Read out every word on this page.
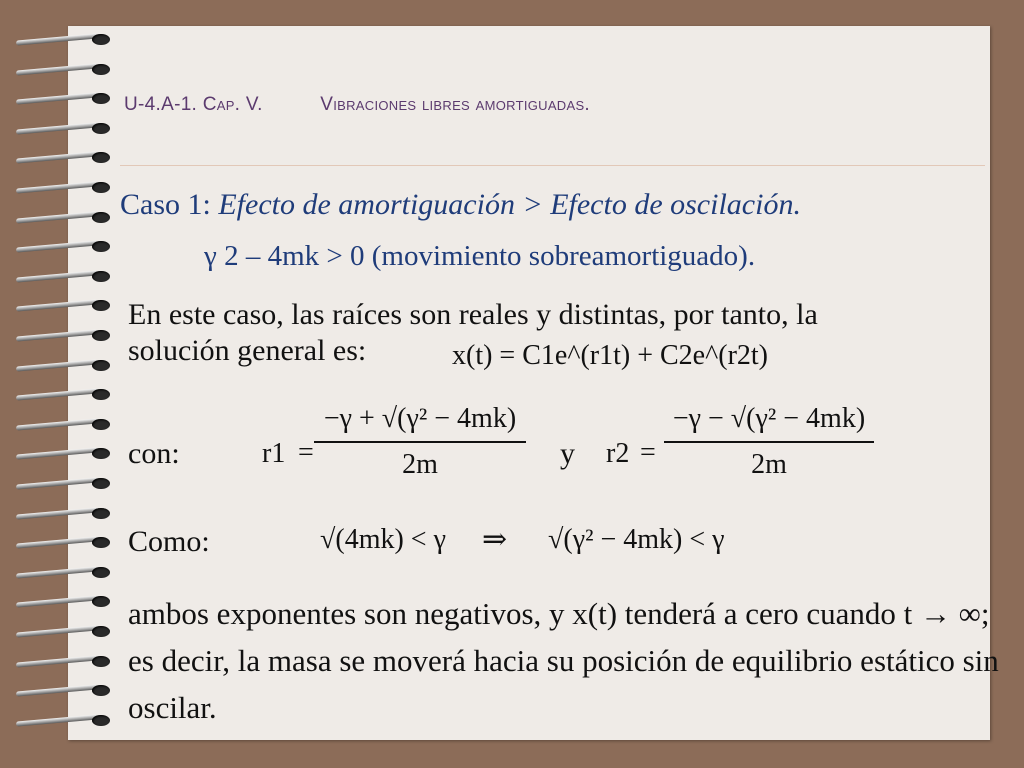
U-4.A-1. Cap. V.	Vibraciones libres amortiguadas.
Caso 1: Efecto de amortiguación > Efecto de oscilación.
γ 2 – 4mk > 0 (movimiento sobreamortiguado).
En este caso, las raíces son reales y distintas, por tanto, la
solución general es:	x(t) = C1e^(r1t) + C2e^(r2t)
con:	r1 =
−γ + √(γ² − 4mk)
2m	y r2 =
−γ − √(γ² − 4mk)
2m
Como:	√(4mk) < γ ⇒ √(γ² − 4mk) < γ
ambos exponentes son negativos, y x(t) tenderá a cero cuando t → ∞; es decir, la masa se moverá hacia su posición de equilibrio estático sin oscilar.
